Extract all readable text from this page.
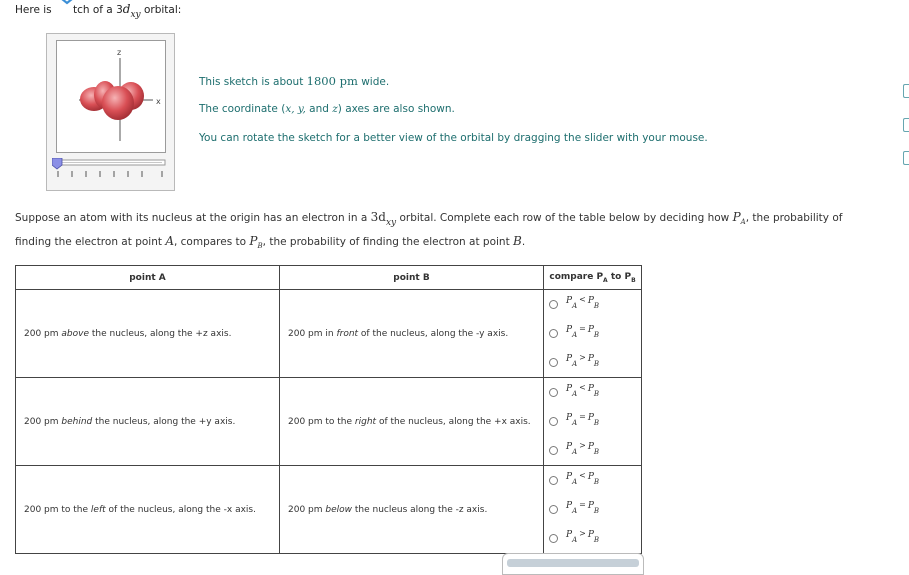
Here is tch of a 3dxy orbital:
z
x
This sketch is about 1800 pm wide.
The coordinate (x, y, and z) axes are also shown.
You can rotate the sketch for a better view of the orbital by dragging the slider with your mouse.
Suppose an atom with its nucleus at the origin has an electron in a 3dxy orbital. Complete each row of the table below by deciding how $P_A$, the probability of
finding the electron at point A, compares to $P_B$, the probability of finding the electron at point B.
point A	point B	compare $P_A$ to $P_B$
200 pm above the nucleus, along the +z axis.	200 pm in front of the nucleus, along the -y axis.	$P_A< P_B$
$P_A= P_B$
$P_A> P_B$

200 pm behind the nucleus, along the +y axis.	200 pm to the right of the nucleus, along the +x axis.	$P_A< P_B$
$P_A= P_B$
$P_A> P_B$

200 pm to the left of the nucleus, along the -x axis.	200 pm below the nucleus along the -z axis.	$P_A< P_B$
$P_A= P_B$
$P_A> P_B$
